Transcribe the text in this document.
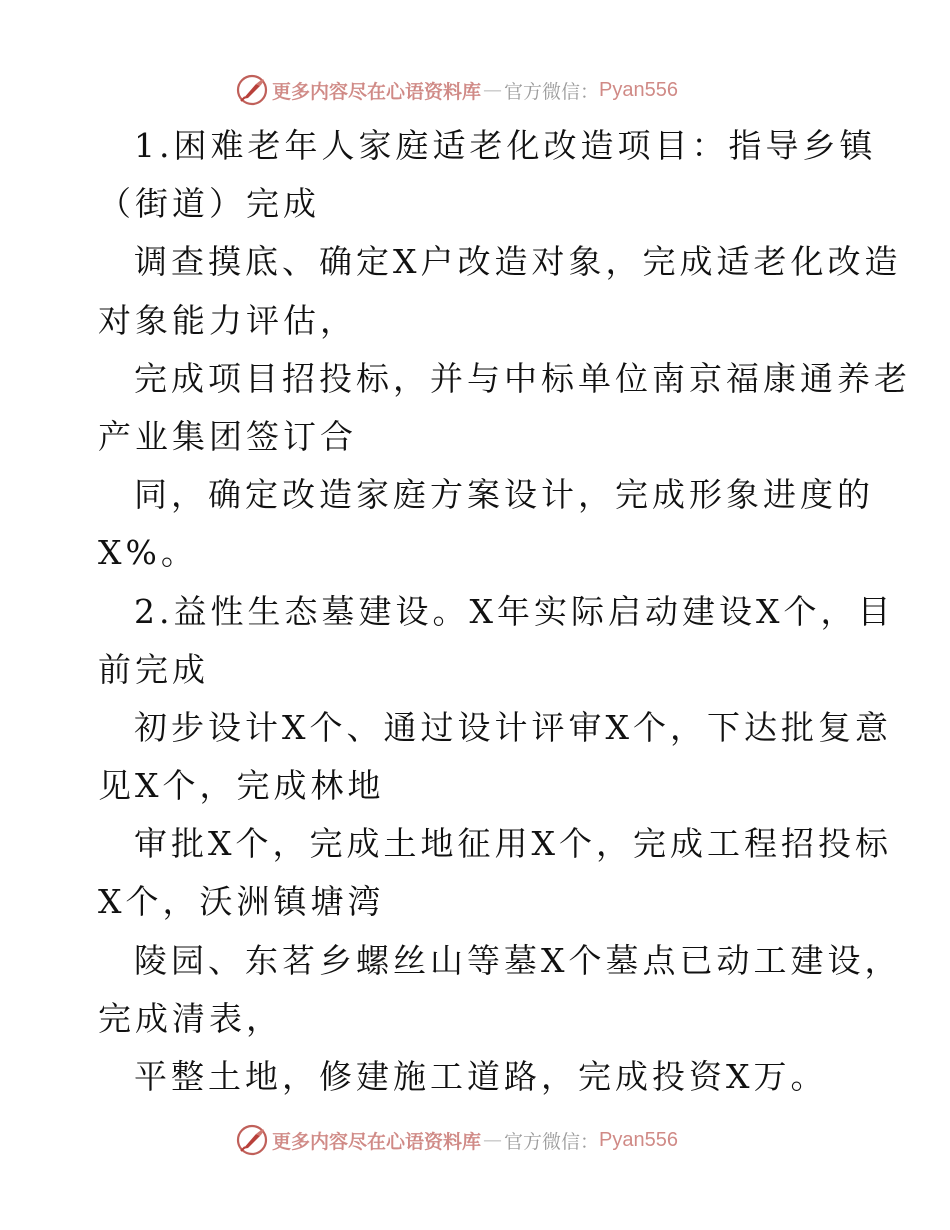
更多内容尽在心语资料库 — 官方微信： Pyan556
1.困难老年人家庭适老化改造项目：指导乡镇
（街道）完成
调查摸底、确定X户改造对象，完成适老化改造
对象能力评估，
完成项目招投标，并与中标单位南京福康通养老
产业集团签订合
同，确定改造家庭方案设计，完成形象进度的
X%。
2.益性生态墓建设。X年实际启动建设X个，目
前完成
初步设计X个、通过设计评审X个，下达批复意
见X个，完成林地
审批X个，完成土地征用X个，完成工程招投标
X个，沃洲镇塘湾
陵园、东茗乡螺丝山等墓X个墓点已动工建设，
完成清表，
平整土地，修建施工道路，完成投资X万。
更多内容尽在心语资料库 — 官方微信： Pyan556
